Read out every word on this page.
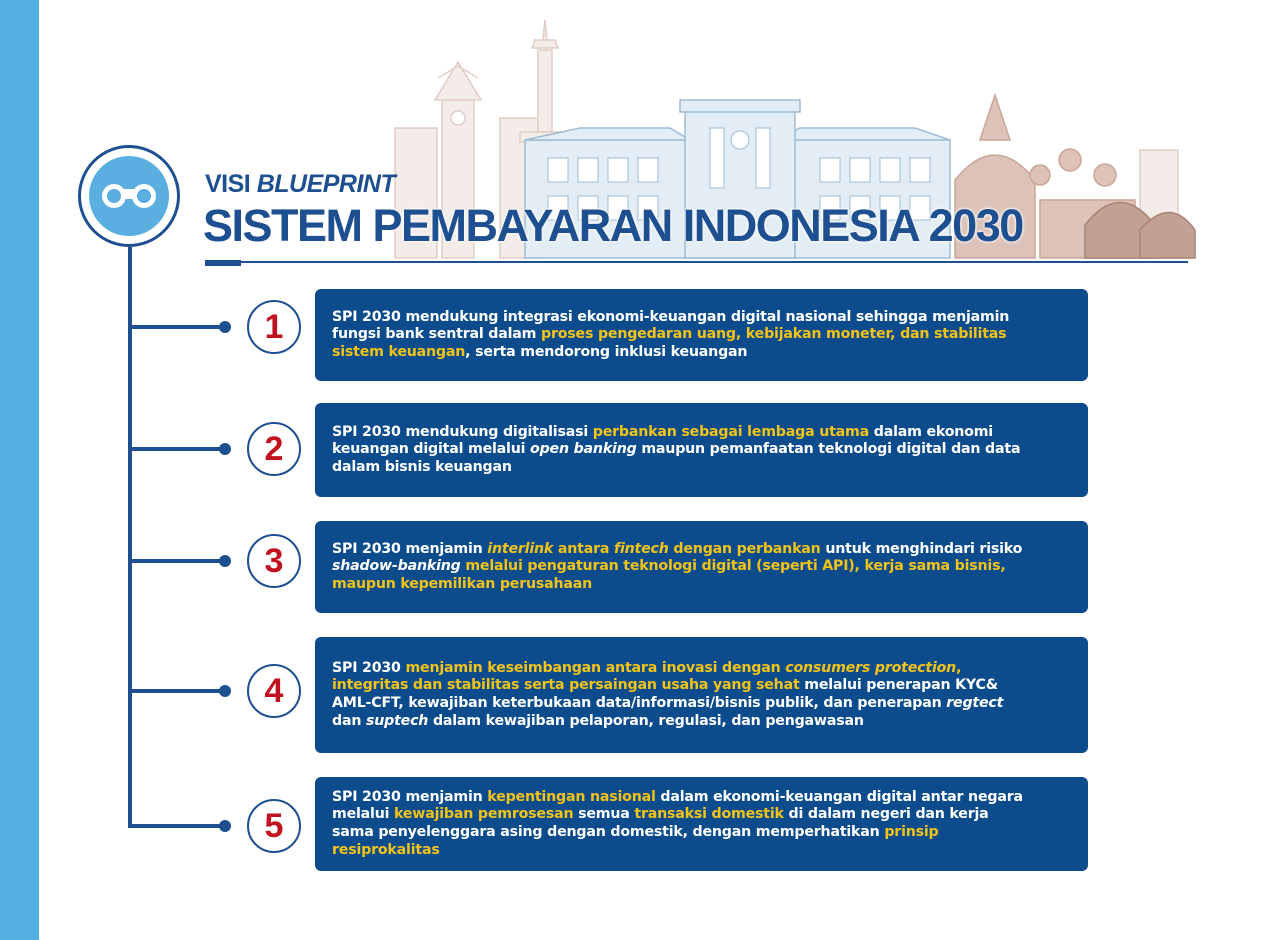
VISI BLUEPRINT
SISTEM PEMBAYARAN INDONESIA 2030
1	SPI 2030 mendukung integrasi ekonomi-keuangan digital nasional sehingga menjamin
fungsi bank sentral dalam proses pengedaran uang, kebijakan moneter, dan stabilitas
sistem keuangan, serta mendorong inklusi keuangan
2	SPI 2030 mendukung digitalisasi perbankan sebagai lembaga utama dalam ekonomi
keuangan digital melalui open banking maupun pemanfaatan teknologi digital dan data
dalam bisnis keuangan
3	SPI 2030 menjamin interlink antara fintech dengan perbankan untuk menghindari risiko
shadow-banking melalui pengaturan teknologi digital (seperti API), kerja sama bisnis,
maupun kepemilikan perusahaan
4
SPI 2030 menjamin keseimbangan antara inovasi dengan consumers protection,
integritas dan stabilitas serta persaingan usaha yang sehat melalui penerapan KYC&
AML-CFT, kewajiban keterbukaan data/informasi/bisnis publik, dan penerapan regtect
dan suptech dalam kewajiban pelaporan, regulasi, dan pengawasan
5
SPI 2030 menjamin kepentingan nasional dalam ekonomi-keuangan digital antar negara
melalui kewajiban pemrosesan semua transaksi domestik di dalam negeri dan kerja
sama penyelenggara asing dengan domestik, dengan memperhatikan prinsip
resiprokalitas
